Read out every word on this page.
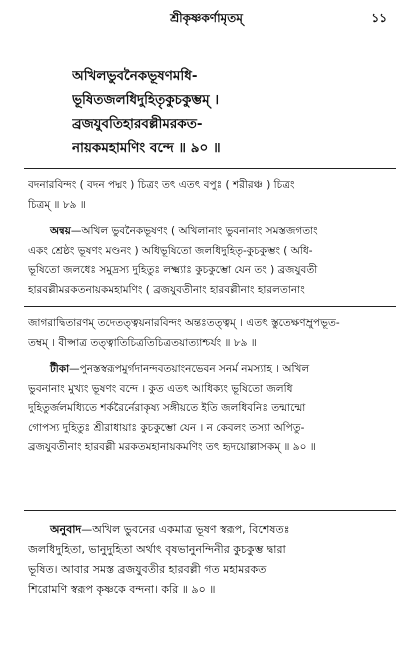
শ্রীকৃষ্ণকর্ণামৃতম্	১১
অখিলভুবনৈকভূষণমধি-
ভূষিতজলধিদুহিতৃকুচকুম্ভম্ ।
ব্রজযুবতিহারবল্লীমরকত-
নায়কমহামণিং বন্দে ॥ ৯০ ॥
বদনারবিন্দং ( বদন পদ্মং ) চিত্রং তৎ এতৎ বপুঃ ( শরীরঞ্চ ) চিত্রং
চিত্রম্ ॥ ৮৯ ॥
অন্বয়—অখিল ভুবনৈকভূষণং ( অখিলানাং ভুবনানাং সমস্তজগতাং
একং শ্রেষ্ঠং ভূষণং মণ্ডনং ) অধিভূষিতো জলধিদুহিতৃ-কুচকুম্ভং ( অধি-
ভূষিতো জলধেঃ সমুদ্রস্য দুহিতুঃ লক্ষ্ম্যাঃ কুচকুম্ভো যেন তং ) ব্রজযুবতী
হারবল্লীমরকতনায়কমহামণিং ( ব্রজযুবতীনাং হারবল্লীনাং হারলতানাং
জাগরাদ্বিতারণম্ তদেতত্ত্বয়নারবিন্দং অন্তঃতত্ত্বম্ । এতৎ স্তুতেক্ষণম্রুপভূত-
তম্বম্ । বীপ্সাত্র তত্ত্বাতিচিত্রতিচিত্রতয়াত্যাশ্চর্যং ॥ ৮৯ ॥
টীকা—পুনস্তস্বরূপমুর্গদানন্দবতয়াংনভেবন সনর্ম নমস্যাহ । অখিল
ভুবনানাং মুখ্যং ভূষণং বন্দে । কুত এতৎ আধিক্যং ভূষিতো জলধি
দুহিতুর্জলমধ্যিতে শর্করৈর্নেরাকৃষ্য সঙ্গীয়তে ইতি জলধিবনিঃ তন্মান্মো
গোপস্য দুহিতুঃ শ্রীরাধায়াঃ কুচকুম্ভো যেন । ন কেবলং তস্যা অপিতু-
ব্রজযুবতীনাং হারবল্লী মরকতমহানায়কমণিং তৎ হৃদয়োল্লাসকম্ ॥ ৯০ ॥
অনুবাদ—অখিল ভুবনের একমাত্র ভূষণ স্বরূপ, বিশেষতঃ
জলধিদুহিতা, ভানুদুহিতা অর্থাৎ বৃষভানুনন্দিনীর কুচকুম্ভ দ্বারা
ভূষিত। আবার সমস্ত ব্রজযুবতীর হারবল্লী গত মহামরকত
শিরোমণি স্বরূপ কৃষ্ণকে বন্দনা। করি ॥ ৯০ ॥
